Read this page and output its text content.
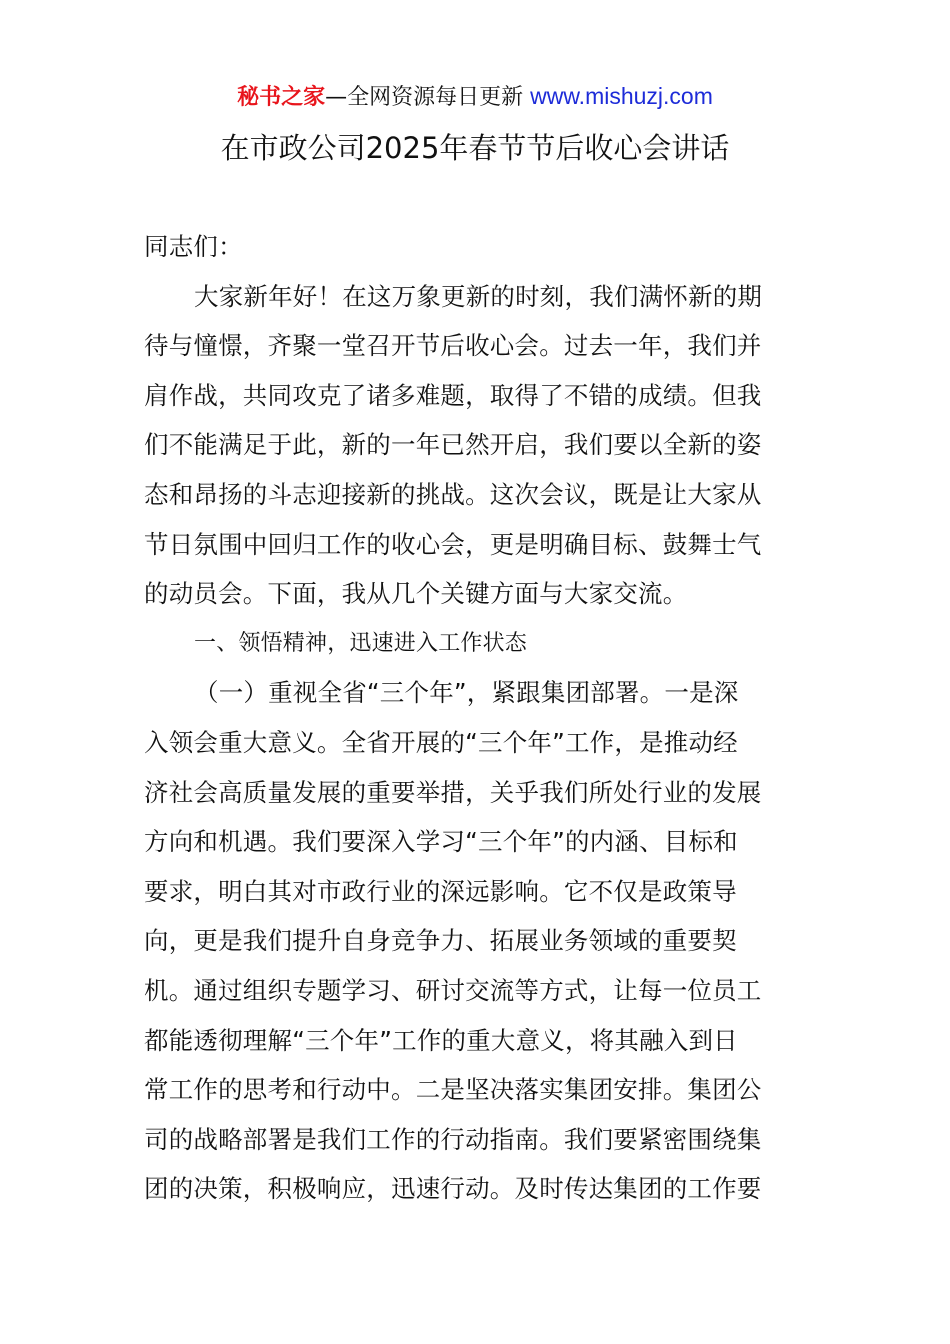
秘书之家—全网资源每日更新 www.mishuzj.com
在市政公司2025年春节节后收心会讲话
同志们：
大家新年好！在这万象更新的时刻，我们满怀新的期
待与憧憬，齐聚一堂召开节后收心会。过去一年，我们并
肩作战，共同攻克了诸多难题，取得了不错的成绩。但我
们不能满足于此，新的一年已然开启，我们要以全新的姿
态和昂扬的斗志迎接新的挑战。这次会议，既是让大家从
节日氛围中回归工作的收心会，更是明确目标、鼓舞士气
的动员会。下面，我从几个关键方面与大家交流。
一、领悟精神，迅速进入工作状态
（一）重视全省“三个年”，紧跟集团部署。一是深
入领会重大意义。全省开展的“三个年”工作，是推动经
济社会高质量发展的重要举措，关乎我们所处行业的发展
方向和机遇。我们要深入学习“三个年”的内涵、目标和
要求，明白其对市政行业的深远影响。它不仅是政策导
向，更是我们提升自身竞争力、拓展业务领域的重要契
机。通过组织专题学习、研讨交流等方式，让每一位员工
都能透彻理解“三个年”工作的重大意义，将其融入到日
常工作的思考和行动中。二是坚决落实集团安排。集团公
司的战略部署是我们工作的行动指南。我们要紧密围绕集
团的决策，积极响应，迅速行动。及时传达集团的工作要
